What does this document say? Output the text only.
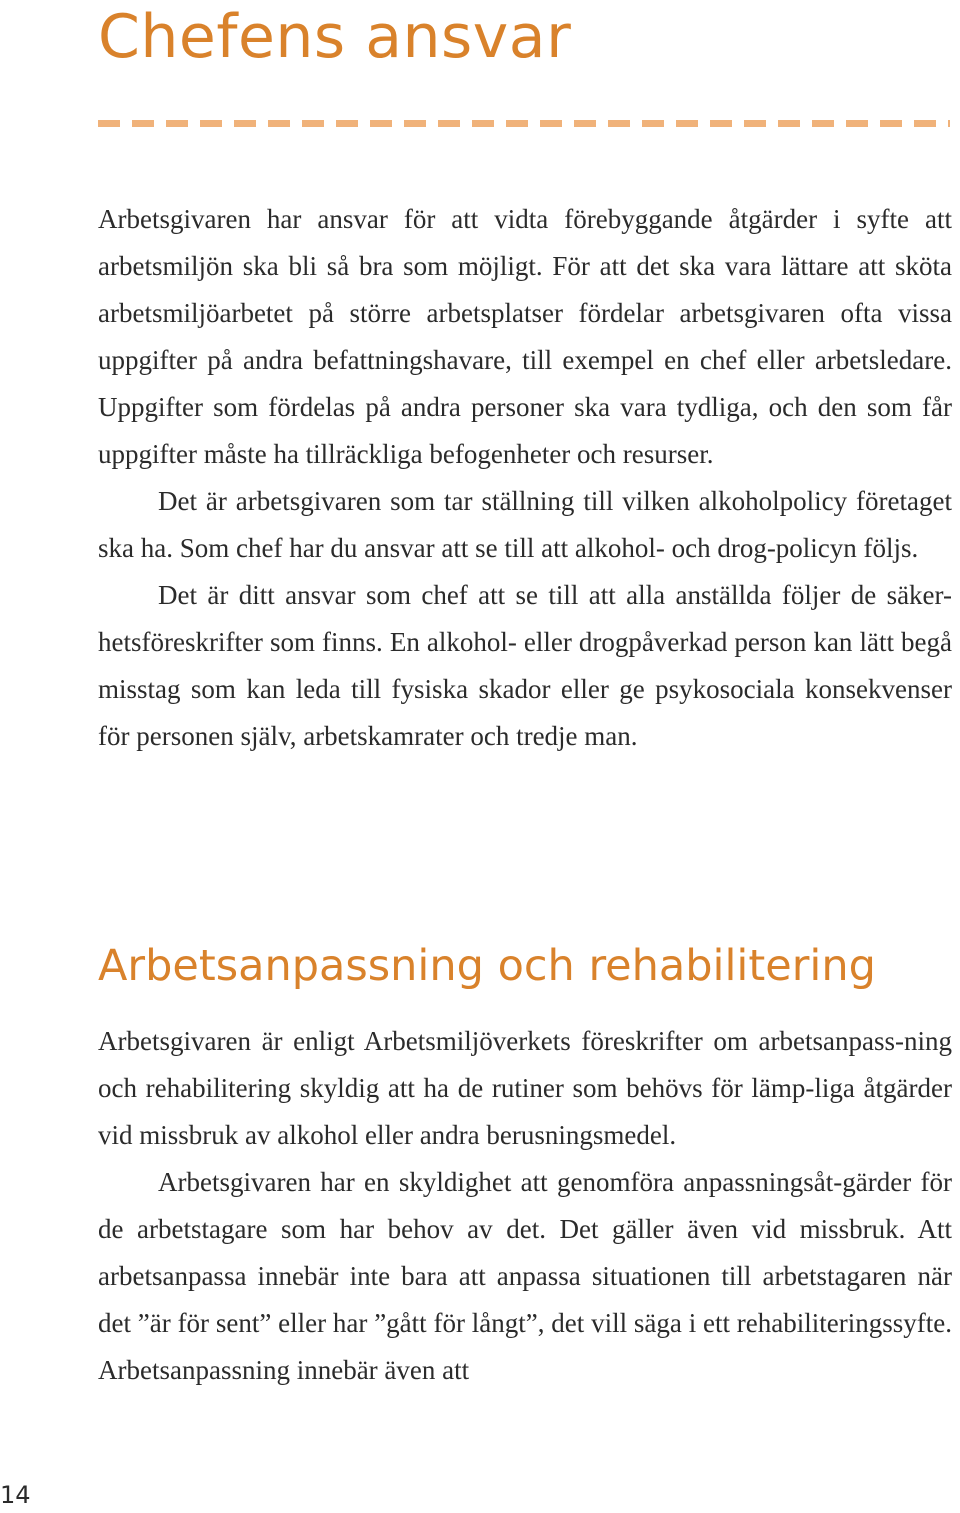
Chefens ansvar

Arbetsgivaren har ansvar för att vidta förebyggande åtgärder i syfte att arbetsmiljön ska bli så bra som möjligt. För att det ska vara lättare att sköta arbetsmiljöarbetet på större arbetsplatser fördelar arbetsgivaren ofta vissa uppgifter på andra befattningshavare, till exempel en chef eller arbetsledare. Uppgifter som fördelas på andra personer ska vara tydliga, och den som får uppgifter måste ha tillräckliga befogenheter och resurser.

Det är arbetsgivaren som tar ställning till vilken alkoholpolicy företaget ska ha. Som chef har du ansvar att se till att alkohol- och drog-policyn följs.

Det är ditt ansvar som chef att se till att alla anställda följer de säker-hetsföreskrifter som finns. En alkohol- eller drogpåverkad person kan lätt begå misstag som kan leda till fysiska skador eller ge psykosociala konsekvenser för personen själv, arbetskamrater och tredje man.

Arbetsanpassning och rehabilitering

Arbetsgivaren är enligt Arbetsmiljöverkets föreskrifter om arbetsanpass-ning och rehabilitering skyldig att ha de rutiner som behövs för lämp-liga åtgärder vid missbruk av alkohol eller andra berusningsmedel.

Arbetsgivaren har en skyldighet att genomföra anpassningsåt-gärder för de arbetstagare som har behov av det. Det gäller även vid missbruk. Att arbetsanpassa innebär inte bara att anpassa situationen till arbetstagaren när det ”är för sent” eller har ”gått för långt”, det vill säga i ett rehabiliteringssyfte. Arbetsanpassning innebär även att

14
